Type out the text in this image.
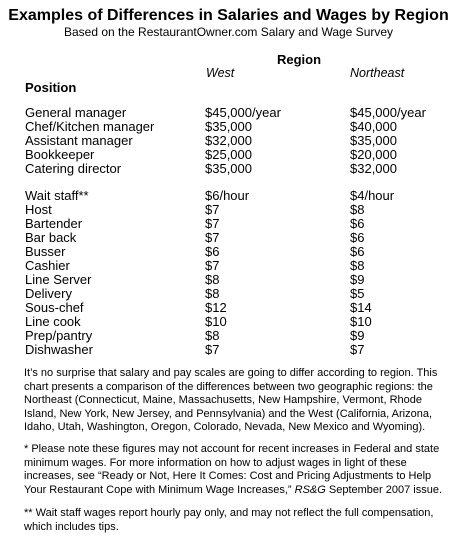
Examples of Differences in Salaries and Wages by Region
Based on the RestaurantOwner.com Salary and Wage Survey
Region
West	Northeast
Position
General manager	$45,000/year	$45,000/year
Chef/Kitchen manager	$35,000	$40,000
Assistant manager	$32,000	$35,000
Bookkeeper	$25,000	$20,000
Catering director	$35,000	$32,000
Wait staff**	$6/hour	$4/hour
Host	$7	$8
Bartender	$7	$6
Bar back	$7	$6
Busser	$6	$6
Cashier	$7	$8
Line Server	$8	$9
Delivery	$8	$5
Sous-chef	$12	$14
Line cook	$10	$10
Prep/pantry	$8	$9
Dishwasher	$7	$7
It’s no surprise that salary and pay scales are going to differ according to region. This
chart presents a comparison of the differences between two geographic regions: the
Northeast (Connecticut, Maine, Massachusetts, New Hampshire, Vermont, Rhode
Island, New York, New Jersey, and Pennsylvania) and the West (California, Arizona,
Idaho, Utah, Washington, Oregon, Colorado, Nevada, New Mexico and Wyoming).
* Please note these figures may not account for recent increases in Federal and state
minimum wages. For more information on how to adjust wages in light of these
increases, see “Ready or Not, Here It Comes: Cost and Pricing Adjustments to Help
Your Restaurant Cope with Minimum Wage Increases,” RS&G September 2007 issue.
** Wait staff wages report hourly pay only, and may not reflect the full compensation,
which includes tips.
